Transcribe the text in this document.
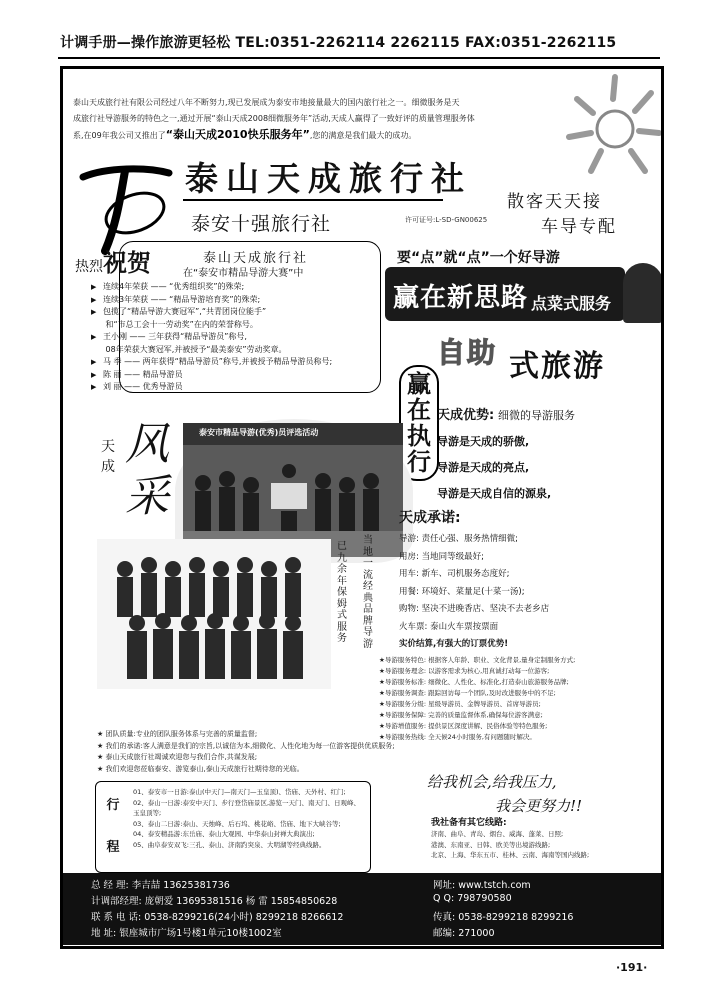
计调手册—操作旅游更轻松 TEL:0351-2262114 2262115 FAX:0351-2262115
泰山天成旅行社有限公司经过八年不断努力,现已发展成为泰安市地接量最大的国内旅行社之一。细微服务是天
成旅行社导游服务的特色之一,通过开展“泰山天成2008细微服务年”活动,天成人赢得了一致好评的质量管理服务体
系,在09年我公司又推出了“泰山天成2010快乐服务年”,您的满意是我们最大的成功。
泰山天成旅行社
泰安十强旅行社	许可证号:L-SD-GN00625
散客天天接
车导专配
热烈祝贺	泰山天成旅行社
在“泰安市精品导游大赛”中
▶ 连续4年荣获 —— “优秀组织奖”的殊荣;
▶ 连续3年荣获 —— “精品导游培育奖”的殊荣;
▶ 包揽了“精品导游大赛冠军”,“共青团岗位能手”
和“市总工会十一劳动奖”在内的荣誉称号。
▶ 王小刚 —— 三年获得“精品导游员”称号,
08年荣获大赛冠军,并被授予“最美泰安”劳动奖章。
▶ 马 季 —— 两年获得“精品导游员”称号,并被授予精品导游员称号;
▶ 陈 丽 —— 精品导游员
▶ 刘 丽 —— 优秀导游员
要“点”就“点”一个好导游
赢在新思路 点菜式服务
自助 式旅游
赢在执行
天成优势: 细微的导游服务
导游是天成的骄傲,
导游是天成的亮点,
导游是天成自信的源泉,
天成 风采
泰安市精品导游(优秀)员评选活动
已九余年保姆式服务
当地一流经典品牌导游
天成承诺:
导游: 责任心强、服务热情细微;
用房: 当地同等级最好;
用车: 新车、司机服务态度好;
用餐: 环境好、菜量足(十菜一汤);
购物: 坚决不进晚香店、坚决不去老乡店
火车票: 泰山火车票按票面
实价结算,有强大的订票优势!
★导游服务特色: 根据客人年龄、职业、文化背景,量身定制服务方式;
★导游服务理念: 以游客需求为核心,用真诚打动每一位游客;
★导游服务标准: 细微化、人性化、标准化,打造泰山旅游服务品牌;
★导游服务调查: 跟踪回访每一个团队,及时改进服务中的不足;
★导游服务分级: 星级导游员、金牌导游员、首席导游员;
★导游服务保障: 完善的质量监督体系,确保每位游客满意;
★导游增值服务: 提供景区深度讲解、民俗体验等特色服务;
★导游服务热线: 全天候24小时服务,有问题随时解决。
★ 团队质量:专业的团队服务体系与完善的质量监督;
★ 我们的承诺:客人满意是我们的宗旨,以诚信为本,细微化、人性化地为每一位游客提供优质服务;
★ 泰山天成旅行社竭诚欢迎您与我们合作,共谋发展;
★ 我们欢迎您莅临泰安、游览泰山,泰山天成旅行社期待您的光临。
行程
01、泰安市一日游:泰山(中天门—南天门—玉皇顶)、岱庙、天外村、红门;
02、泰山一日游:泰安中天门、步行登岱庙景区,游览一天门、南天门、日观峰、玉皇顶等;
03、泰山二日游:泰山、天烛峰、后石坞、桃花峪、岱庙、地下大峡谷等;
04、泰安精品游:东岳庙、泰山大观园、中华泰山封禅大典演出;
05、曲阜泰安双飞:三孔、泰山、济南趵突泉、大明湖等经典线路。
给我机会,给我压力,
我会更努力!!
我社备有其它线路:
济南、曲阜、青岛、烟台、威海、蓬莱、日照;
港澳、东南亚、日韩、欧美等出境游线路;
北京、上海、华东五市、桂林、云南、海南等国内线路;
总 经 理: 李吉喆 13625381736
计调部经理: 庞朝爱 13695381516 杨 雷 15854850628
联 系 电 话: 0538-8299216(24小时) 8299218 8266612
地 址: 银座城市广场1号楼1单元10楼1002室
网址: www.tstch.com
Q Q: 798790580
传真: 0538-8299218 8299216
邮编: 271000
·191·
